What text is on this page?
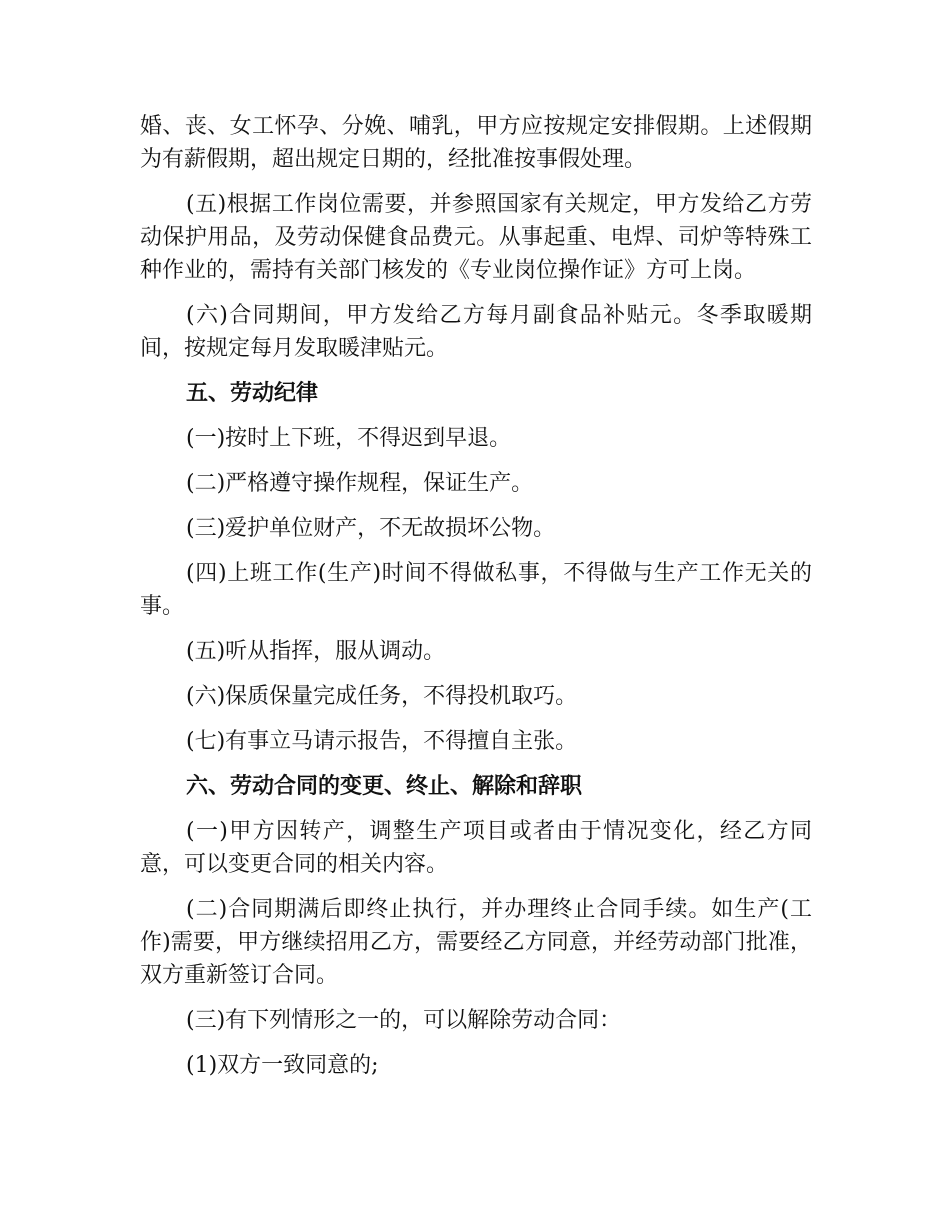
婚、丧、女工怀孕、分娩、哺乳，甲方应按规定安排假期。上述假期为有薪假期，超出规定日期的，经批准按事假处理。

(五)根据工作岗位需要，并参照国家有关规定，甲方发给乙方劳动保护用品，及劳动保健食品费元。从事起重、电焊、司炉等特殊工种作业的，需持有关部门核发的《专业岗位操作证》方可上岗。

(六)合同期间，甲方发给乙方每月副食品补贴元。冬季取暖期间，按规定每月发取暖津贴元。

五、劳动纪律

(一)按时上下班，不得迟到早退。

(二)严格遵守操作规程，保证生产。

(三)爱护单位财产，不无故损坏公物。

(四)上班工作(生产)时间不得做私事，不得做与生产工作无关的事。

(五)听从指挥，服从调动。

(六)保质保量完成任务，不得投机取巧。

(七)有事立马请示报告，不得擅自主张。

六、劳动合同的变更、终止、解除和辞职

(一)甲方因转产，调整生产项目或者由于情况变化，经乙方同意，可以变更合同的相关内容。

(二)合同期满后即终止执行，并办理终止合同手续。如生产(工作)需要，甲方继续招用乙方，需要经乙方同意，并经劳动部门批准，双方重新签订合同。

(三)有下列情形之一的，可以解除劳动合同：

(1)双方一致同意的;
